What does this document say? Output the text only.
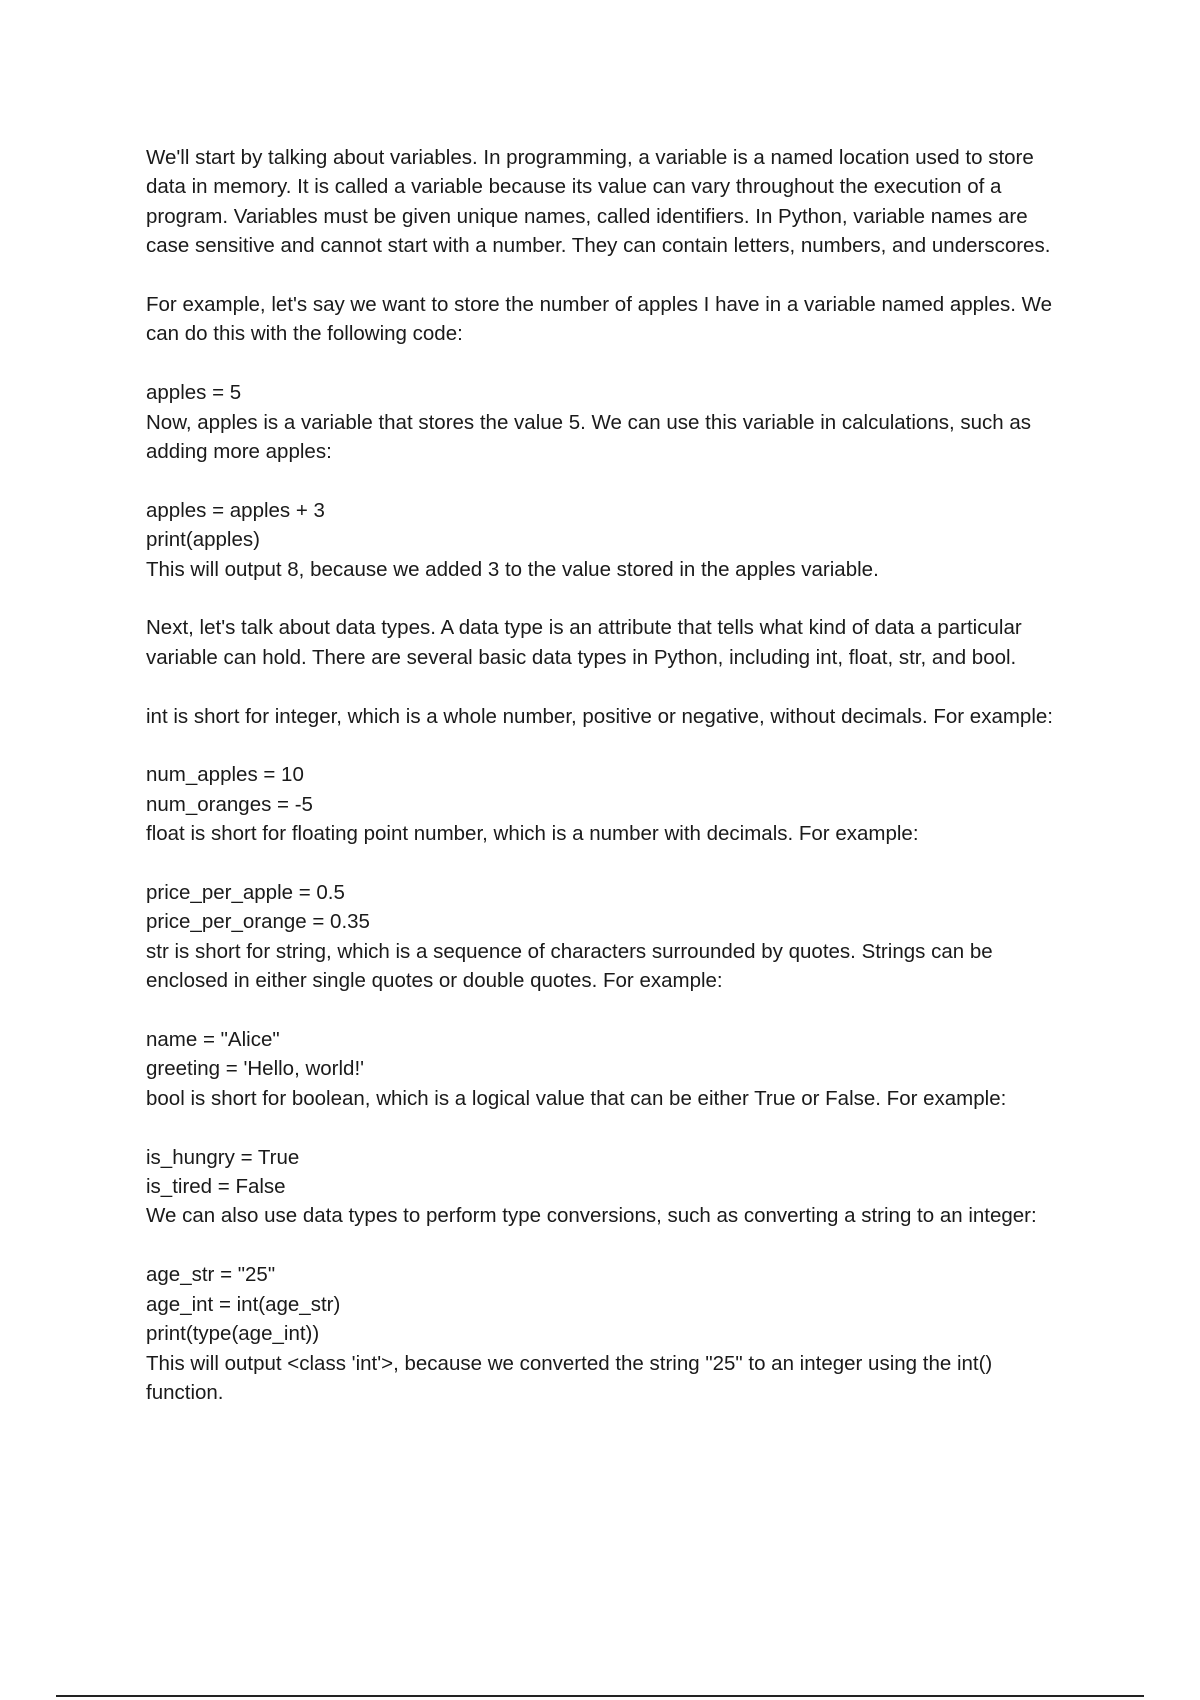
We'll start by talking about variables. In programming, a variable is a named location used to store data in memory. It is called a variable because its value can vary throughout the execution of a program. Variables must be given unique names, called identifiers. In Python, variable names are case sensitive and cannot start with a number. They can contain letters, numbers, and underscores.

For example, let's say we want to store the number of apples I have in a variable named apples. We can do this with the following code:

apples = 5

Now, apples is a variable that stores the value 5. We can use this variable in calculations, such as adding more apples:

apples = apples + 3

print(apples)

This will output 8, because we added 3 to the value stored in the apples variable.

Next, let's talk about data types. A data type is an attribute that tells what kind of data a particular variable can hold. There are several basic data types in Python, including int, float, str, and bool.

int is short for integer, which is a whole number, positive or negative, without decimals. For example:

num_apples = 10

num_oranges = -5

float is short for floating point number, which is a number with decimals. For example:

price_per_apple = 0.5

price_per_orange = 0.35

str is short for string, which is a sequence of characters surrounded by quotes. Strings can be enclosed in either single quotes or double quotes. For example:

name = "Alice"

greeting = 'Hello, world!'

bool is short for boolean, which is a logical value that can be either True or False. For example:

is_hungry = True

is_tired = False

We can also use data types to perform type conversions, such as converting a string to an integer:

age_str = "25"

age_int = int(age_str)

print(type(age_int))

This will output <class 'int'>, because we converted the string "25" to an integer using the int() function.
